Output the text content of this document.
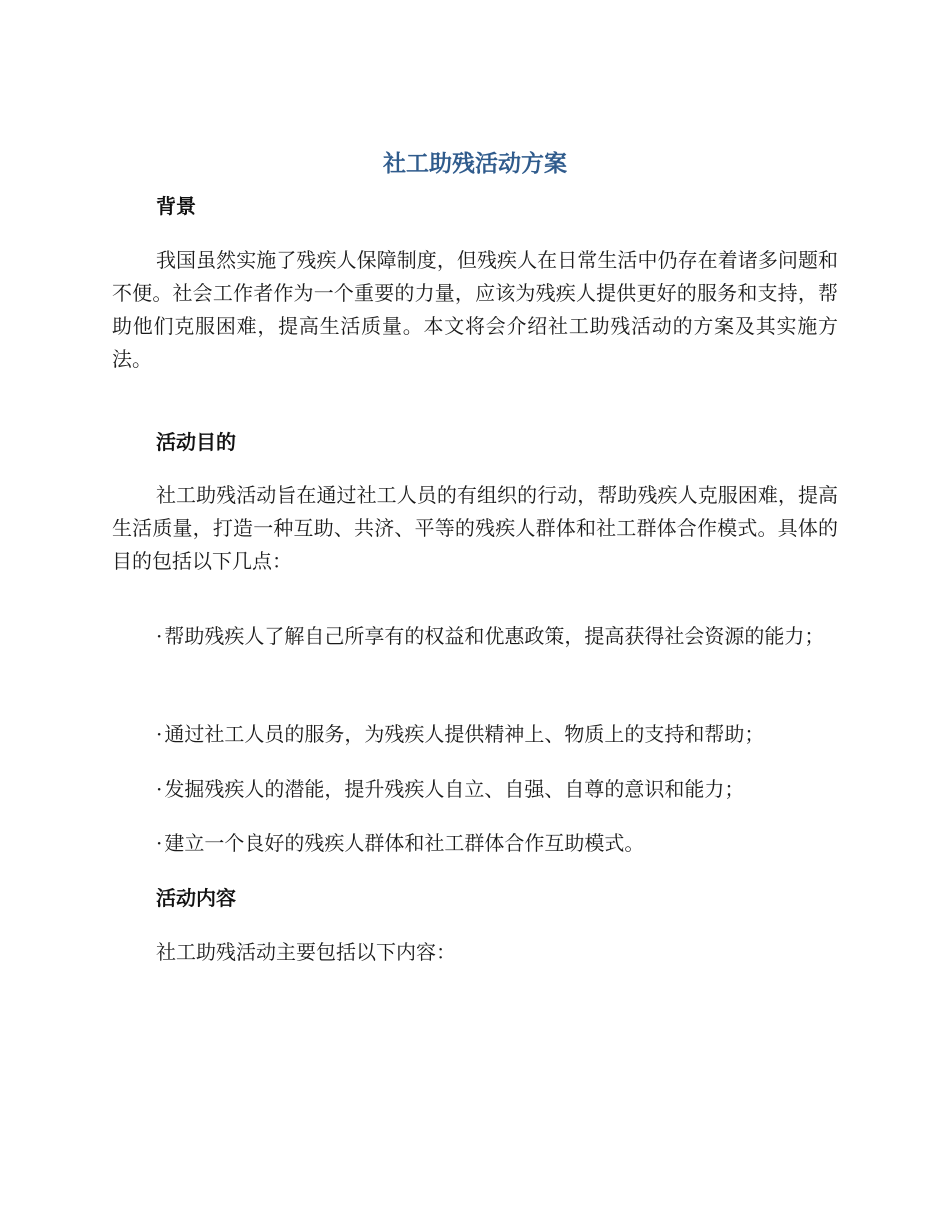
社工助残活动方案
背景

我国虽然实施了残疾人保障制度，但残疾人在日常生活中仍存在着诸多问题和不便。社会工作者作为一个重要的力量，应该为残疾人提供更好的服务和支持，帮助他们克服困难，提高生活质量。本文将会介绍社工助残活动的方案及其实施方法。

活动目的

社工助残活动旨在通过社工人员的有组织的行动，帮助残疾人克服困难，提高生活质量，打造一种互助、共济、平等的残疾人群体和社工群体合作模式。具体的目的包括以下几点：

· 帮助残疾人了解自己所享有的权益和优惠政策，提高获得社会资源的能力；

· 通过社工人员的服务，为残疾人提供精神上、物质上的支持和帮助；

· 发掘残疾人的潜能，提升残疾人自立、自强、自尊的意识和能力；

· 建立一个良好的残疾人群体和社工群体合作互助模式。

活动内容

社工助残活动主要包括以下内容：
